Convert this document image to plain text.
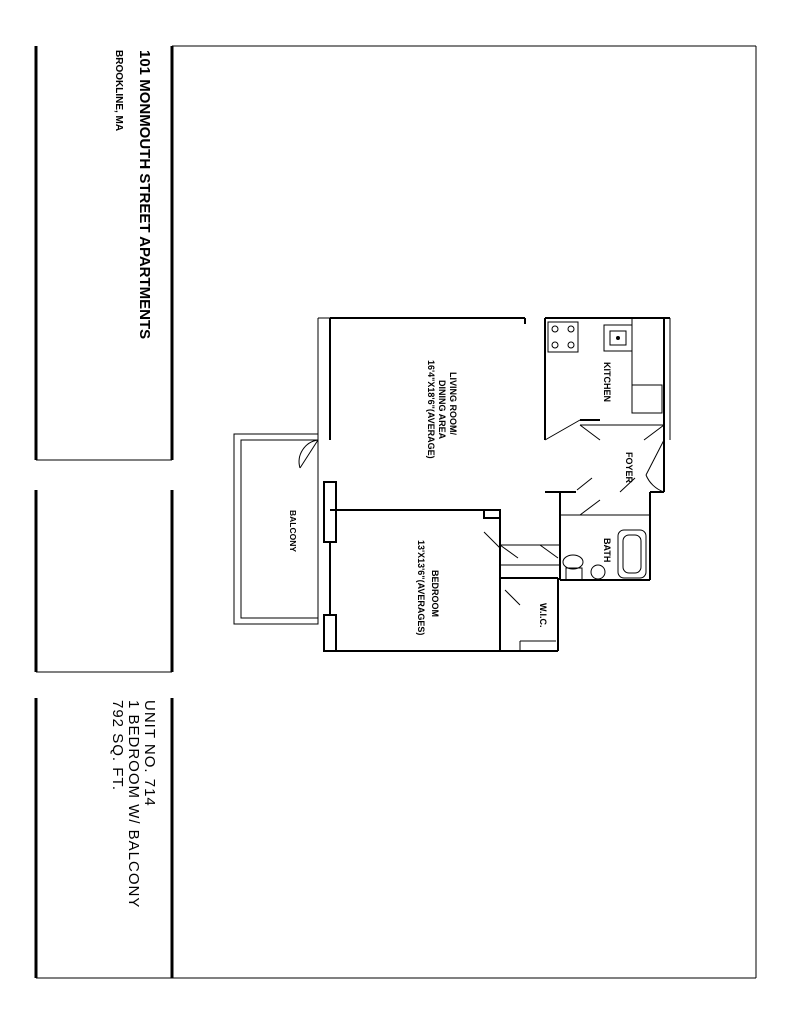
101 MONMOUTH STREET APARTMENTS
BROOKLINE, MA
UNIT NO. 714
1 BEDROOM W/ BALCONY
792 SQ. FT.
LIVING ROOM/
DINING AREA
16'4"X18'6"(AVERAGE)	KITCHEN
FOYER
BATH
BEDROOM
13'X13'6"(AVERAGES)	W.I.C.
BALCONY
